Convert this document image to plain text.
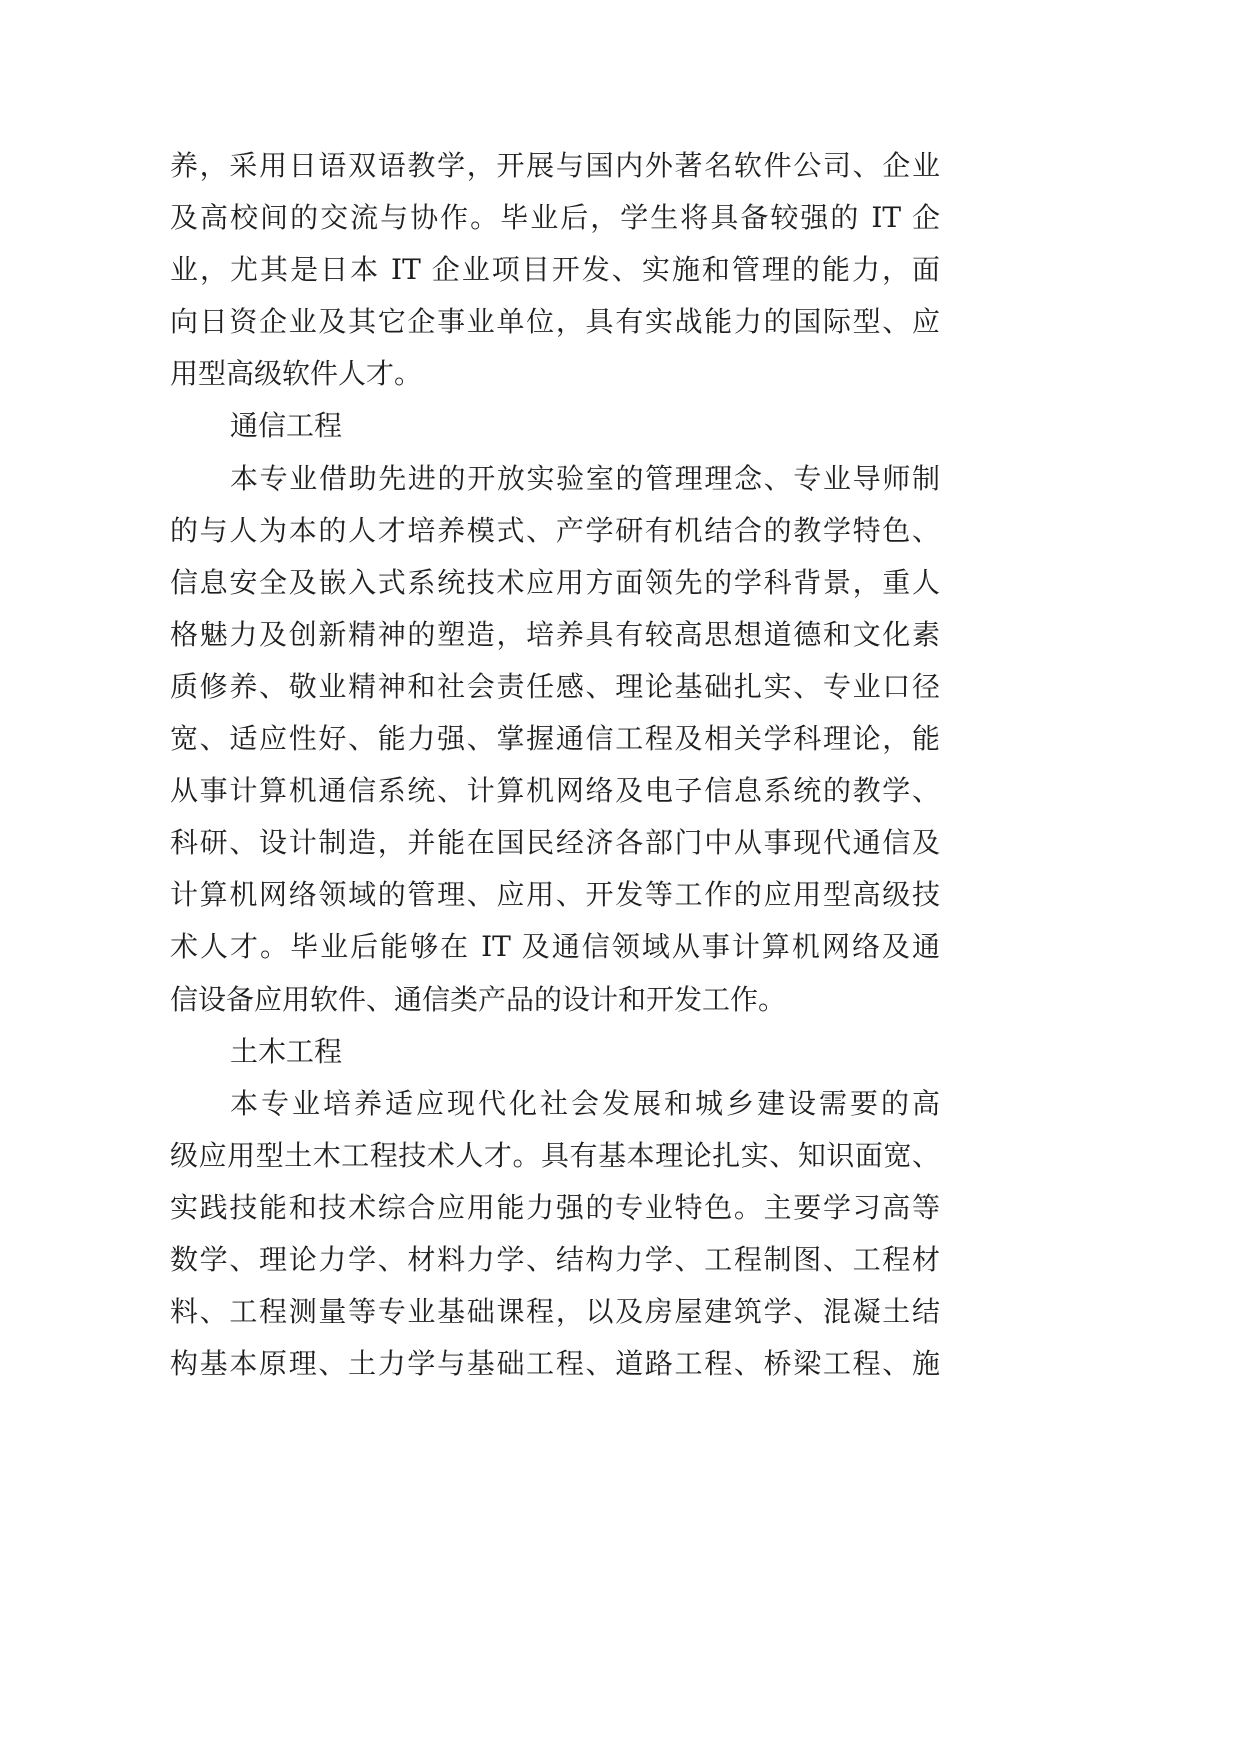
养，采用日语双语教学，开展与国内外著名软件公司、企业
及高校间的交流与协作。毕业后，学生将具备较强的 IT 企
业，尤其是日本 IT 企业项目开发、实施和管理的能力，面
向日资企业及其它企事业单位，具有实战能力的国际型、应
用型高级软件人才。
通信工程
本专业借助先进的开放实验室的管理理念、专业导师制
的与人为本的人才培养模式、产学研有机结合的教学特色、
信息安全及嵌入式系统技术应用方面领先的学科背景，重人
格魅力及创新精神的塑造，培养具有较高思想道德和文化素
质修养、敬业精神和社会责任感、理论基础扎实、专业口径
宽、适应性好、能力强、掌握通信工程及相关学科理论，能
从事计算机通信系统、计算机网络及电子信息系统的教学、
科研、设计制造，并能在国民经济各部门中从事现代通信及
计算机网络领域的管理、应用、开发等工作的应用型高级技
术人才。毕业后能够在 IT 及通信领域从事计算机网络及通
信设备应用软件、通信类产品的设计和开发工作。
土木工程
本专业培养适应现代化社会发展和城乡建设需要的高
级应用型土木工程技术人才。具有基本理论扎实、知识面宽、
实践技能和技术综合应用能力强的专业特色。主要学习高等
数学、理论力学、材料力学、结构力学、工程制图、工程材
料、工程测量等专业基础课程，以及房屋建筑学、混凝土结
构基本原理、土力学与基础工程、道路工程、桥梁工程、施
